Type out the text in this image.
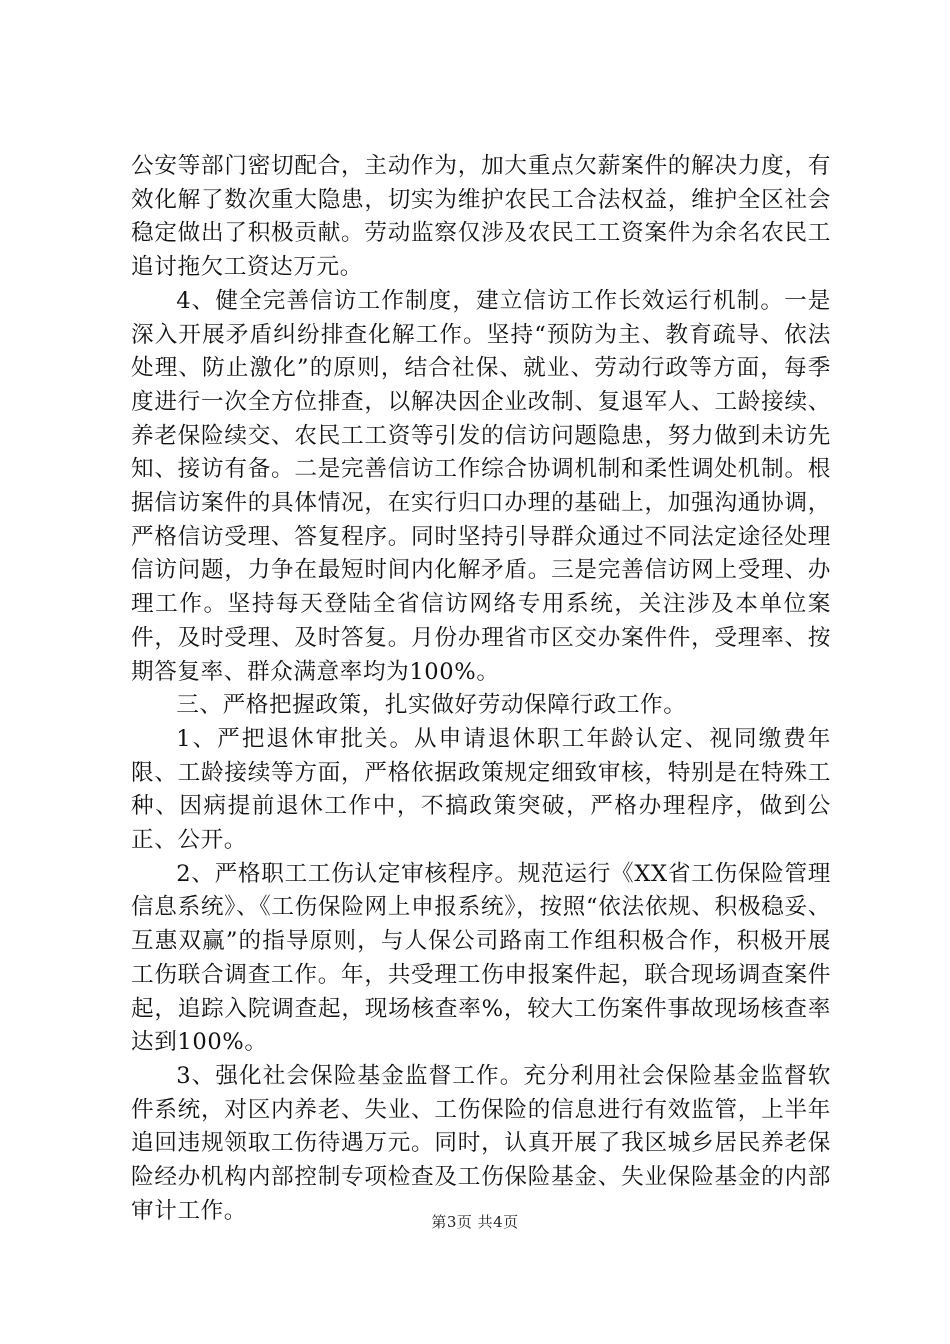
公安等部门密切配合，主动作为，加大重点欠薪案件的解决力度，有效化解了数次重大隐患，切实为维护农民工合法权益，维护全区社会稳定做出了积极贡献。劳动监察仅涉及农民工工资案件为余名农民工追讨拖欠工资达万元。

4、健全完善信访工作制度，建立信访工作长效运行机制。一是深入开展矛盾纠纷排查化解工作。坚持“预防为主、教育疏导、依法处理、防止激化”的原则，结合社保、就业、劳动行政等方面，每季度进行一次全方位排查，以解决因企业改制、复退军人、工龄接续、养老保险续交、农民工工资等引发的信访问题隐患，努力做到未访先知、接访有备。二是完善信访工作综合协调机制和柔性调处机制。根据信访案件的具体情况，在实行归口办理的基础上，加强沟通协调，严格信访受理、答复程序。同时坚持引导群众通过不同法定途径处理信访问题，力争在最短时间内化解矛盾。三是完善信访网上受理、办理工作。坚持每天登陆全省信访网络专用系统，关注涉及本单位案件，及时受理、及时答复。月份办理省市区交办案件件，受理率、按期答复率、群众满意率均为100%。

三、严格把握政策，扎实做好劳动保障行政工作。

1、严把退休审批关。从申请退休职工年龄认定、视同缴费年限、工龄接续等方面，严格依据政策规定细致审核，特别是在特殊工种、因病提前退休工作中，不搞政策突破，严格办理程序，做到公正、公开。

2、严格职工工伤认定审核程序。规范运行《XX省工伤保险管理信息系统》、《工伤保险网上申报系统》，按照“依法依规、积极稳妥、互惠双赢”的指导原则，与人保公司路南工作组积极合作，积极开展工伤联合调查工作。年，共受理工伤申报案件起，联合现场调查案件起，追踪入院调查起，现场核查率%，较大工伤案件事故现场核查率达到100%。

3、强化社会保险基金监督工作。充分利用社会保险基金监督软件系统，对区内养老、失业、工伤保险的信息进行有效监管，上半年追回违规领取工伤待遇万元。同时，认真开展了我区城乡居民养老保险经办机构内部控制专项检查及工伤保险基金、失业保险基金的内部审计工作。	第3页 共4页
